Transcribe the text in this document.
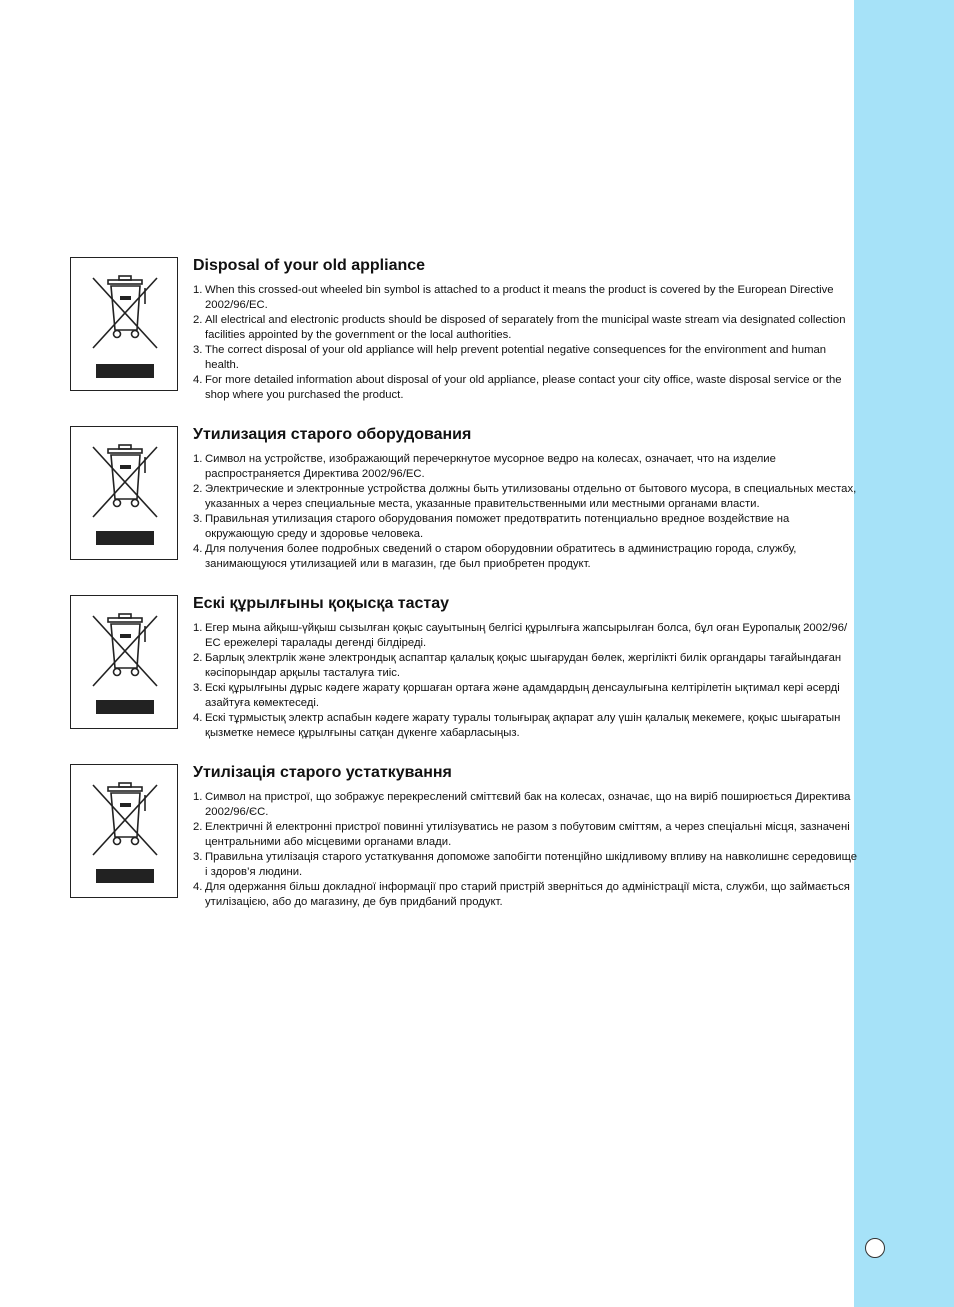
Disposal of your old appliance
1. When this crossed-out wheeled bin symbol is attached to a product it means the product is covered by the European Directive 2002/96/EC.
2. All electrical and electronic products should be disposed of separately from the municipal waste stream via designated collection facilities appointed by the government or the local authorities.
3. The correct disposal of your old appliance will help prevent potential negative consequences for the environment and human health.
4. For more detailed information about disposal of your old appliance, please contact your city office, waste disposal service or the shop where you purchased the product.
Утилизация старого оборудования
1. Символ на устройстве, изображающий перечеркнутое мусорное ведро на колесах, означает, что на изделие распространяется Директива 2002/96/EC.
2. Электрические и электронные устройства должны быть утилизованы отдельно от бытового мусора, в специальных местах, указанных а через специальные места, указанные правительственными или местными органами власти.
3. Правильная утилизация старого оборудования поможет предотвратить потенциально вредное воздействие на окружающую среду и здоровье человека.
4. Для получения более подробных сведений о старом оборудовнии обратитесь в администрацию города, службу, занимающуюся утилизацией или в магазин, где был приобретен продукт.
Ескі құрылғыны қоқысқа тастау
1. Егер мына айқыш-үйқыш сызылған қоқыс сауытының белгісі құрылғыға жапсырылған болса, бұл оған Еуропалық 2002/96/ЕС ережелері таралады дегенді білдіреді.
2. Барлық электрлік және электрондық аспаптар қалалық қоқыс шығарудан бөлек, жергілікті билік органдары тағайындаған кәсіпорындар арқылы тасталуға тиіс.
3. Ескі құрылғыны дұрыс кәдеге жарату қоршаған ортаға және адамдардың денсаулығына келтірілетін ықтимал кері әсерді азайтуға көмектеседі.
4. Ескі тұрмыстық электр аспабын кәдеге жарату туралы толығырақ ақпарат алу үшін қалалық мекемеге, қоқыс шығаратын қызметке немесе құрылғыны сатқан дүкенге хабарласыңыз.
Утилізація старого устаткування
1. Символ на пристрої, що зображує перекреслений сміттєвий бак на колесах, означає, що на виріб поширюється Директива 2002/96/ЄС.
2. Електричні й електронні пристрої повинні утилізуватись не разом з побутовим сміттям, а через спеціальні місця, зазначені центральними або місцевими органами влади.
3. Правильна утилізація старого устаткування допоможе запобігти потенційно шкідливому впливу на навколишнє середовище і здоров’я людини.
4. Для одержання більш докладної інформації про старий пристрій зверніться до адміністрації міста, служби, що займається утилізацією, або до магазину, де був придбаний продукт.
